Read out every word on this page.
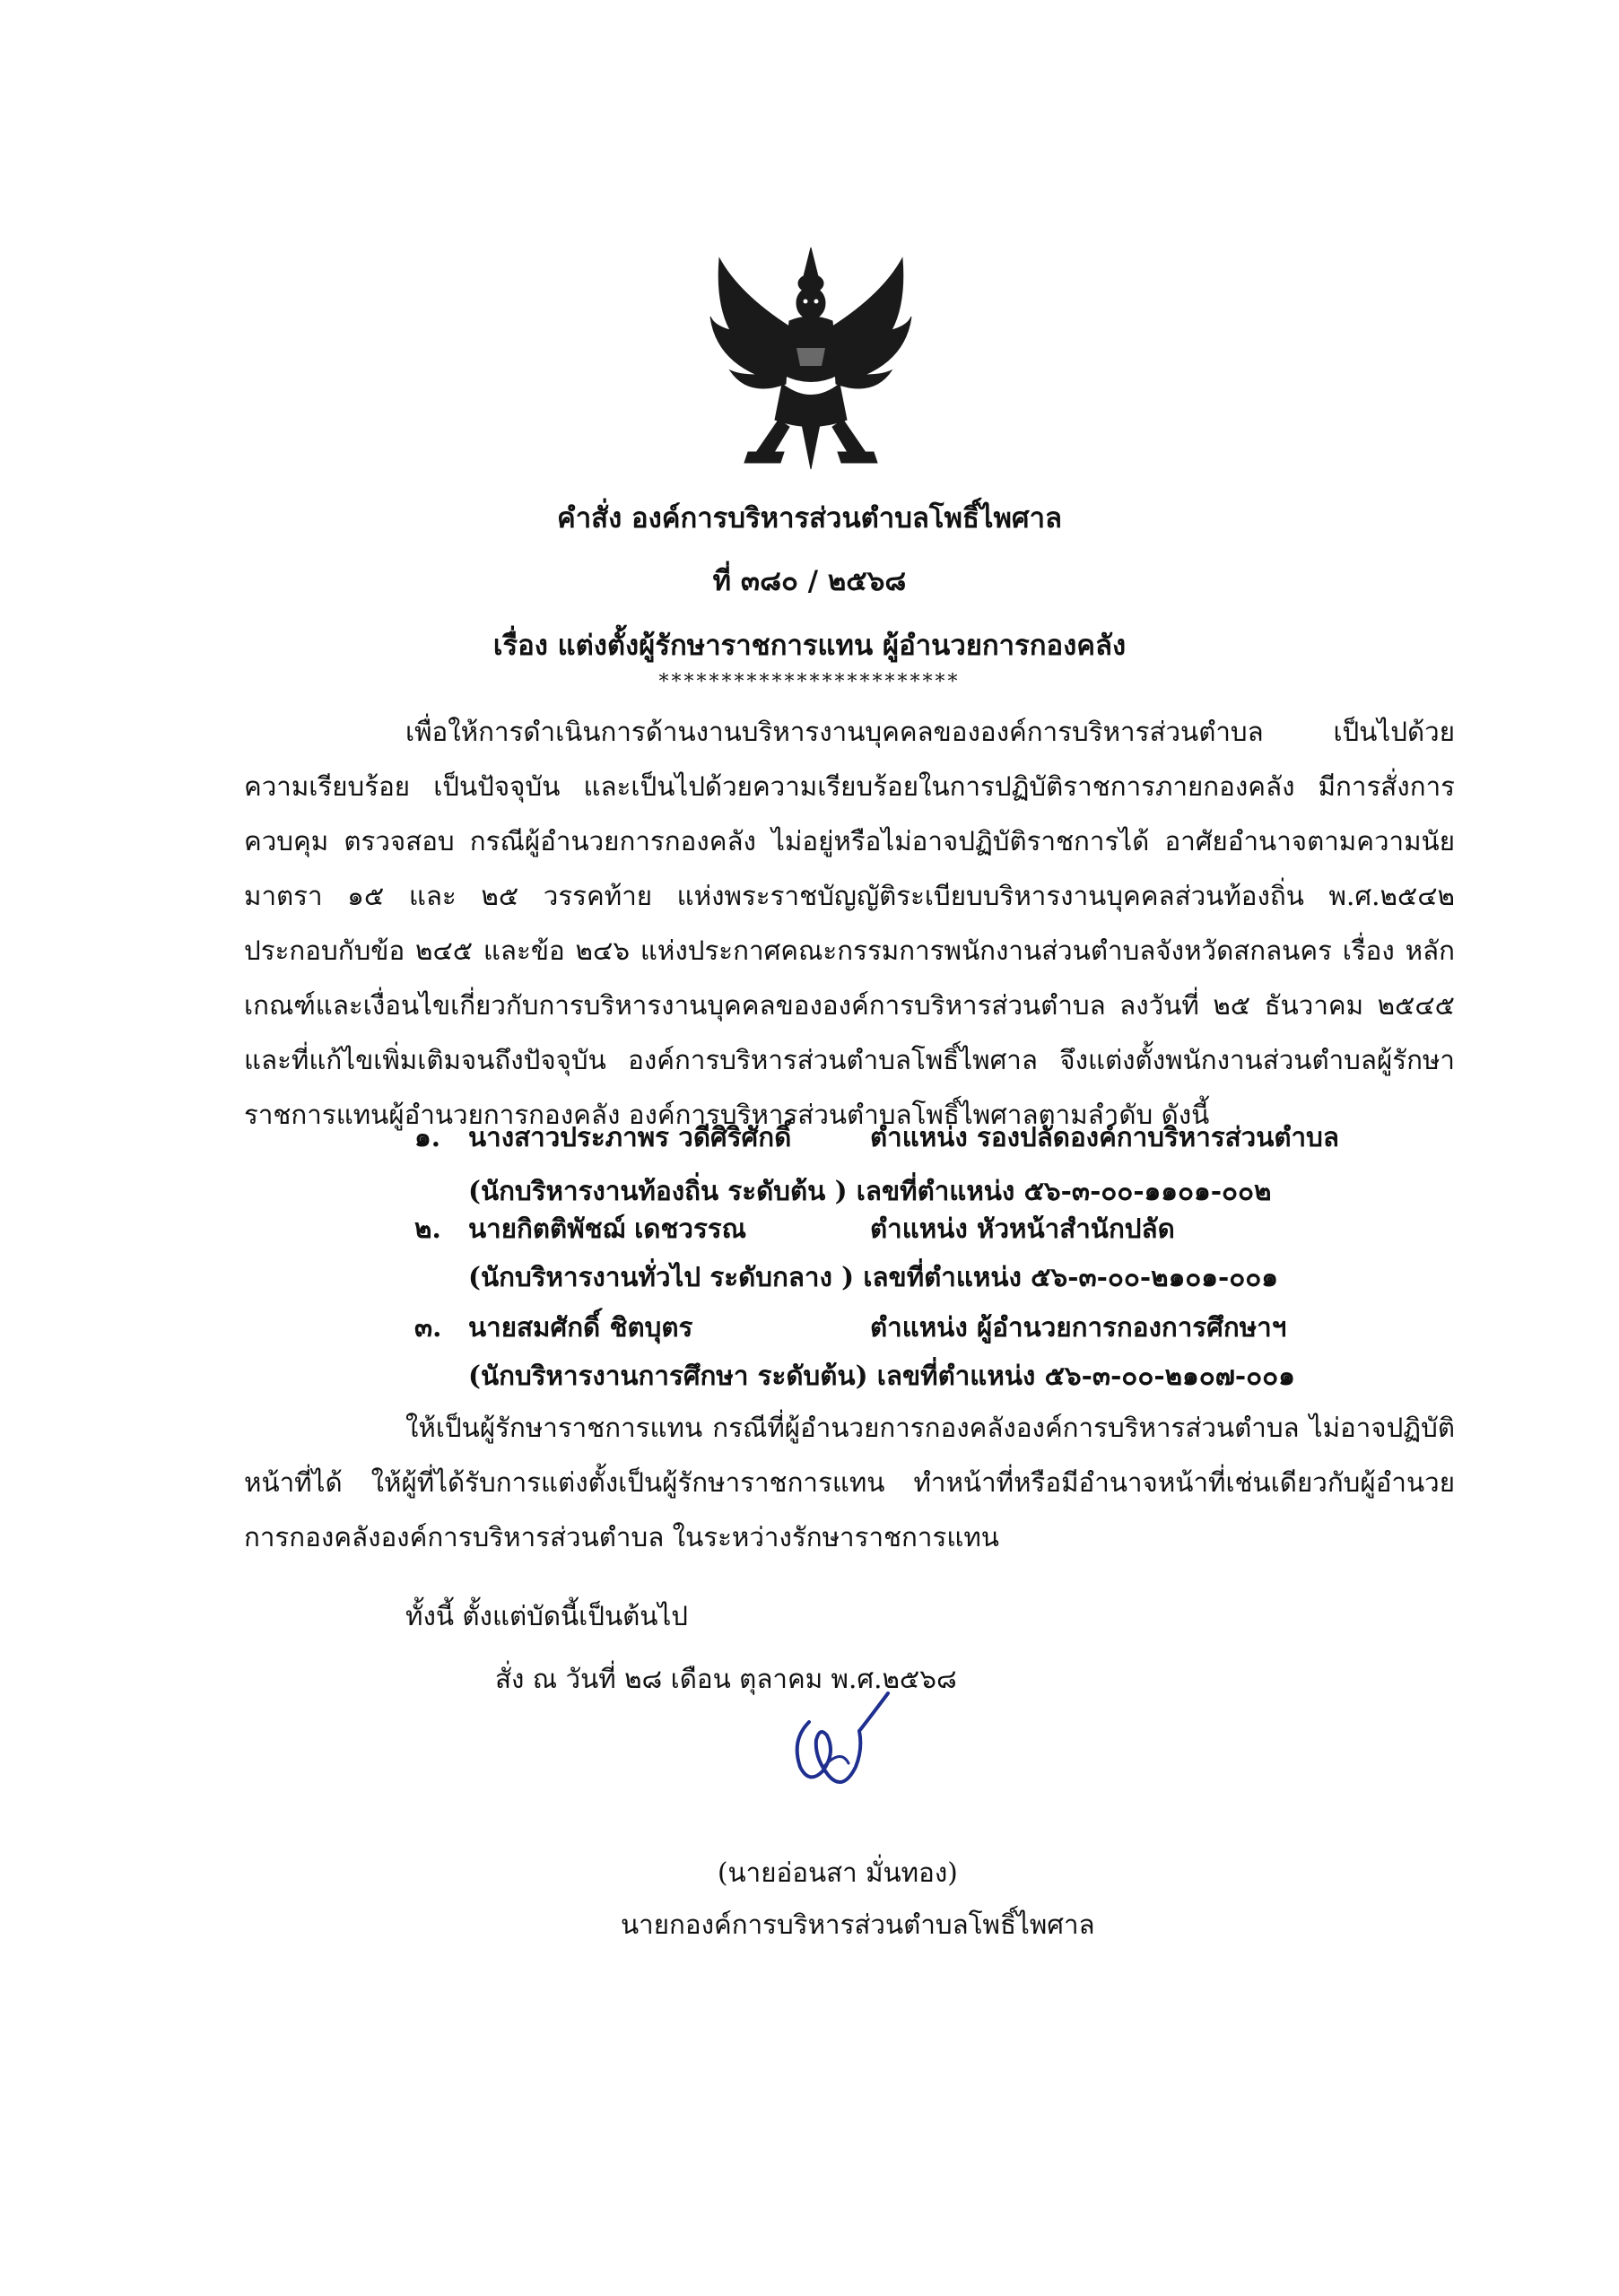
คำสั่ง องค์การบริหารส่วนตำบลโพธิ์ไพศาล
ที่ ๓๘๐ / ๒๕๖๘
เรื่อง แต่งตั้งผู้รักษาราชการแทน ผู้อำนวยการกองคลัง
************************
เพื่อให้การดำเนินการด้านงานบริหารงานบุคคลขององค์การบริหารส่วนตำบล เป็นไปด้วยความเรียบร้อย เป็นปัจจุบัน และเป็นไปด้วยความเรียบร้อยในการปฏิบัติราชการภายกองคลัง มีการสั่งการ ควบคุม ตรวจสอบ กรณีผู้อำนวยการกองคลัง ไม่อยู่หรือไม่อาจปฏิบัติราชการได้ อาศัยอำนาจตามความนัย มาตรา ๑๕ และ ๒๕ วรรคท้าย แห่งพระราชบัญญัติระเบียบบริหารงานบุคคลส่วนท้องถิ่น พ.ศ.๒๕๔๒ ประกอบกับข้อ ๒๔๕ และข้อ ๒๔๖ แห่งประกาศคณะกรรมการพนักงานส่วนตำบลจังหวัดสกลนคร เรื่อง หลักเกณฑ์และเงื่อนไขเกี่ยวกับการบริหารงานบุคคลขององค์การบริหารส่วนตำบล ลงวันที่ ๒๕ ธันวาคม ๒๕๔๕ และที่แก้ไขเพิ่มเติมจนถึงปัจจุบัน องค์การบริหารส่วนตำบลโพธิ์ไพศาล จึงแต่งตั้งพนักงานส่วนตำบลผู้รักษาราชการแทนผู้อำนวยการกองคลัง องค์การบริหารส่วนตำบลโพธิ์ไพศาลตามลำดับ ดังนี้
๑. นางสาวประภาพร วดีศิริศักดิ์	ตำแหน่ง รองปลัดองค์กาบริหารส่วนตำบล
(นักบริหารงานท้องถิ่น ระดับต้น ) เลขที่ตำแหน่ง ๕๖-๓-๐๐-๑๑๐๑-๐๐๒
๒. นายกิตติพัชฌ์ เดชวรรณ	ตำแหน่ง หัวหน้าสำนักปลัด
(นักบริหารงานทั่วไป ระดับกลาง ) เลขที่ตำแหน่ง ๕๖-๓-๐๐-๒๑๐๑-๐๐๑
๓. นายสมศักดิ์ ชิตบุตร	ตำแหน่ง ผู้อำนวยการกองการศึกษาฯ
(นักบริหารงานการศึกษา ระดับต้น) เลขที่ตำแหน่ง ๕๖-๓-๐๐-๒๑๐๗-๐๐๑
ให้เป็นผู้รักษาราชการแทน กรณีที่ผู้อำนวยการกองคลังองค์การบริหารส่วนตำบล ไม่อาจปฏิบัติหน้าที่ได้ ให้ผู้ที่ได้รับการแต่งตั้งเป็นผู้รักษาราชการแทน ทำหน้าที่หรือมีอำนาจหน้าที่เช่นเดียวกับผู้อำนวยการกองคลังองค์การบริหารส่วนตำบล ในระหว่างรักษาราชการแทน
ทั้งนี้ ตั้งแต่บัดนี้เป็นต้นไป
สั่ง ณ วันที่ ๒๘ เดือน ตุลาคม พ.ศ.๒๕๖๘
(นายอ่อนสา มั่นทอง)
นายกองค์การบริหารส่วนตำบลโพธิ์ไพศาล
